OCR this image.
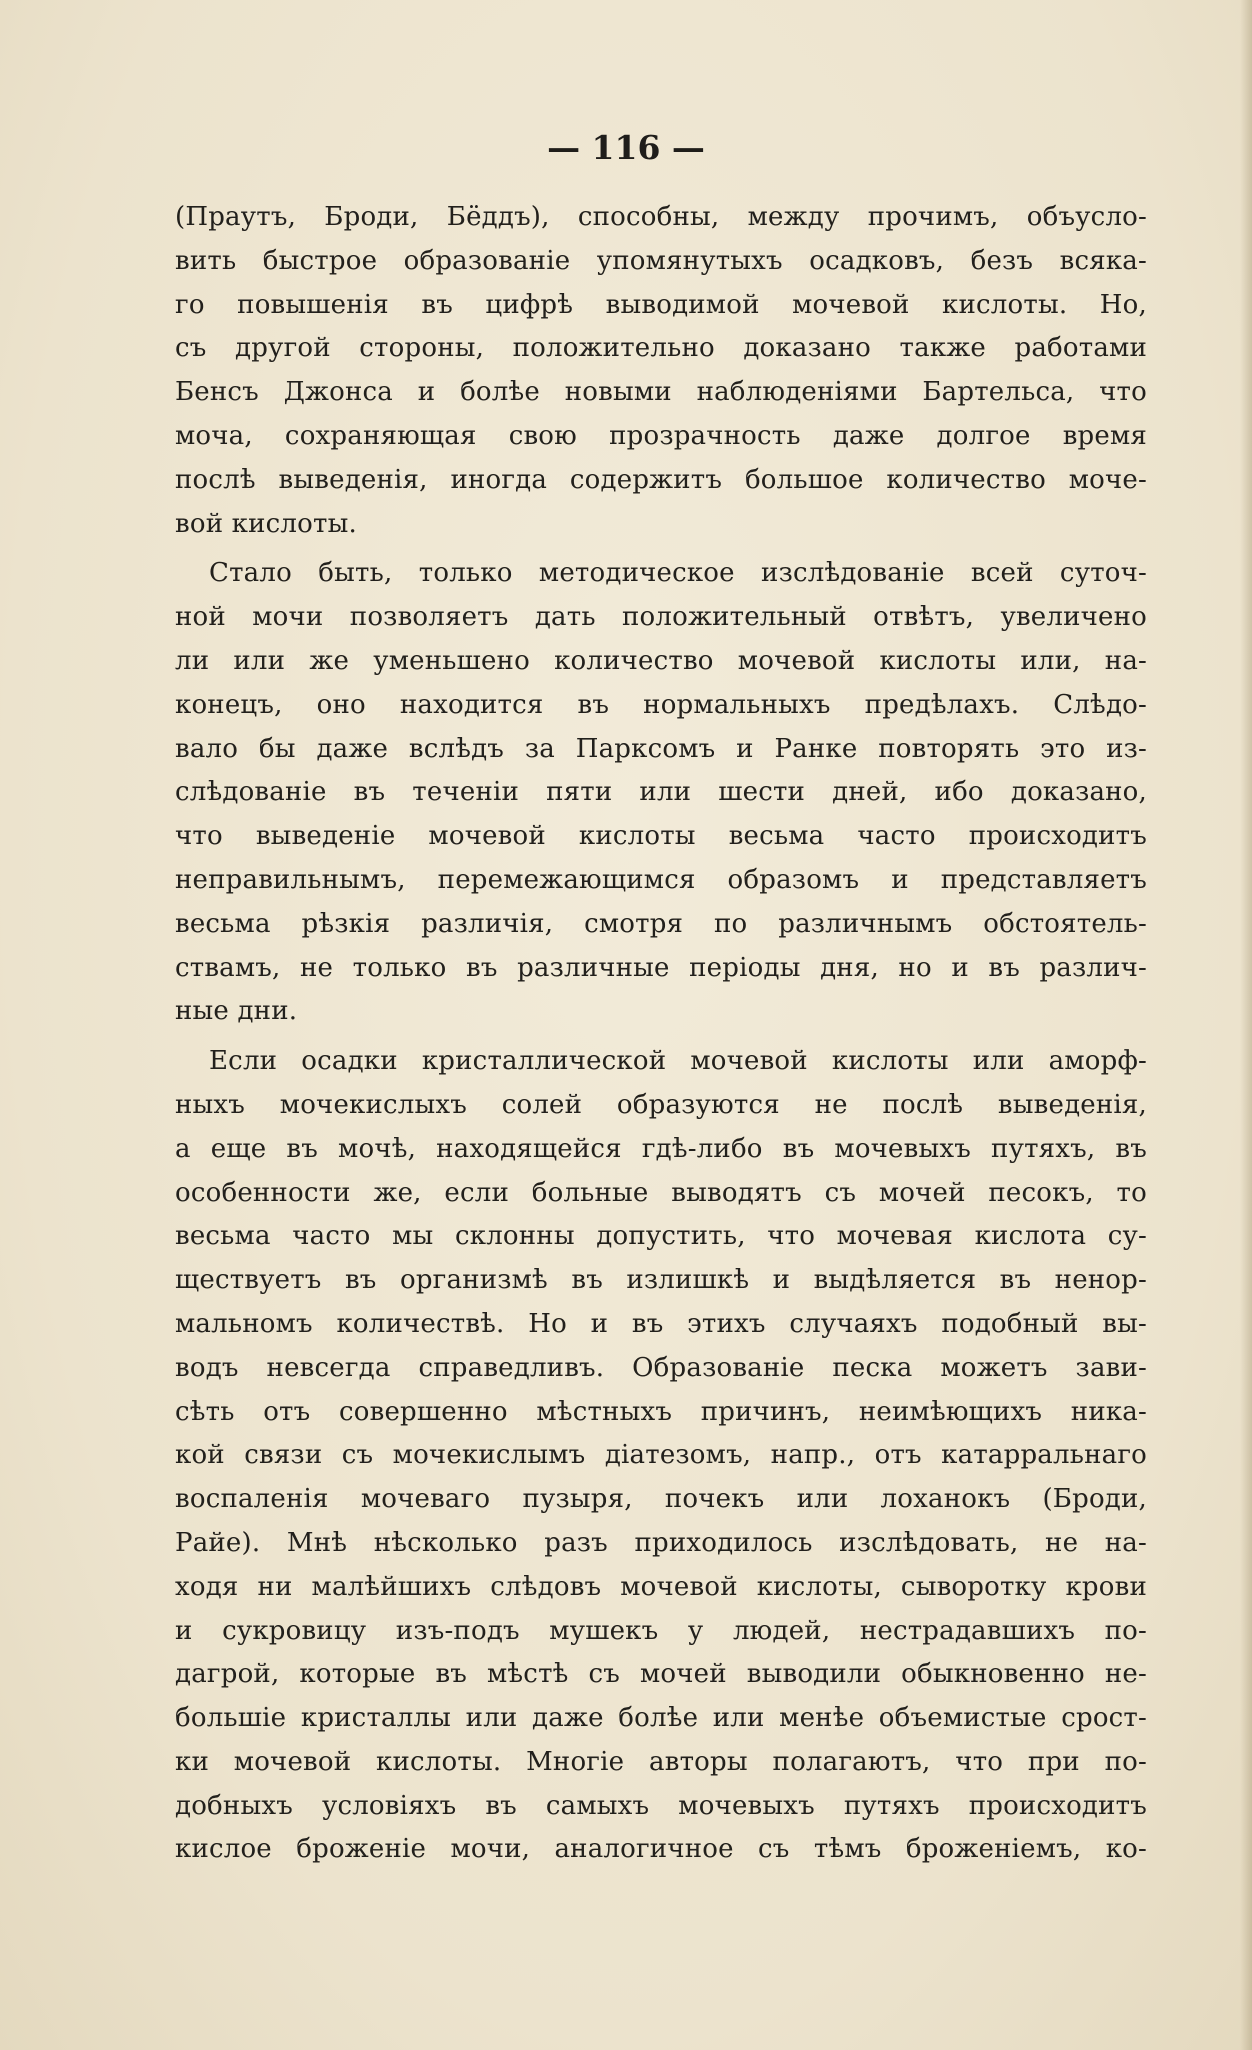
— 116 —
(Праутъ, Броди, Бёддъ), способны, между прочимъ, объусло-
вить быстрое образованіе упомянутыхъ осадковъ, безъ всяка-
го повышенія въ цифрѣ выводимой мочевой кислоты. Но,
съ другой стороны, положительно доказано также работами
Бенсъ Джонса и болѣе новыми наблюденіями Бартельса, что
моча, сохраняющая свою прозрачность даже долгое время
послѣ выведенія, иногда содержитъ большое количество моче-
вой кислоты.
Стало быть, только методическое изслѣдованіе всей суточ-
ной мочи позволяетъ дать положительный отвѣтъ, увеличено
ли или же уменьшено количество мочевой кислоты или, на-
конецъ, оно находится въ нормальныхъ предѣлахъ. Слѣдо-
вало бы даже вслѣдъ за Парксомъ и Ранке повторять это из-
слѣдованіе въ теченіи пяти или шести дней, ибо доказано,
что выведеніе мочевой кислоты весьма часто происходитъ
неправильнымъ, перемежающимся образомъ и представляетъ
весьма рѣзкія различія, смотря по различнымъ обстоятель-
ствамъ, не только въ различные періоды дня, но и въ различ-
ные дни.
Если осадки кристаллической мочевой кислоты или аморф-
ныхъ мочекислыхъ солей образуются не послѣ выведенія,
а еще въ мочѣ, находящейся гдѣ-либо въ мочевыхъ путяхъ, въ
особенности же, если больные выводятъ съ мочей песокъ, то
весьма часто мы склонны допустить, что мочевая кислота су-
ществуетъ въ организмѣ въ излишкѣ и выдѣляется въ ненор-
мальномъ количествѣ. Но и въ этихъ случаяхъ подобный вы-
водъ невсегда справедливъ. Образованіе песка можетъ зави-
сѣть отъ совершенно мѣстныхъ причинъ, неимѣющихъ ника-
кой связи съ мочекислымъ діатезомъ, напр., отъ катарральнаго
воспаленія мочеваго пузыря, почекъ или лоханокъ (Броди,
Райе). Мнѣ нѣсколько разъ приходилось изслѣдовать, не на-
ходя ни малѣйшихъ слѣдовъ мочевой кислоты, сыворотку крови
и сукровицу изъ-подъ мушекъ у людей, нестрадавшихъ по-
дагрой, которые въ мѣстѣ съ мочей выводили обыкновенно не-
большіе кристаллы или даже болѣе или менѣе объемистые срост-
ки мочевой кислоты. Многіе авторы полагаютъ, что при по-
добныхъ условіяхъ въ самыхъ мочевыхъ путяхъ происходитъ
кислое броженіе мочи, аналогичное съ тѣмъ броженіемъ, ко-
